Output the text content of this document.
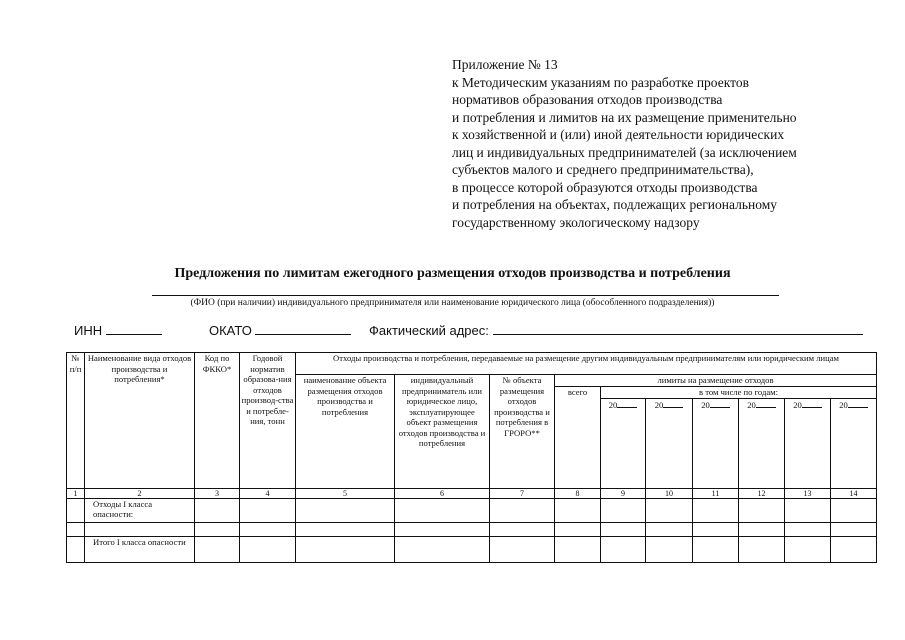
Приложение № 13
к Методическим указаниям по разработке проектов
нормативов образования отходов производства
и потребления и лимитов на их размещение применительно
к хозяйственной и (или) иной деятельности юридических
лиц и индивидуальных предпринимателей (за исключением
субъектов малого и среднего предпринимательства),
в процессе которой образуются отходы производства
и потребления на объектах, подлежащих региональному
государственному экологическому надзору
Предложения по лимитам ежегодного размещения отходов производства и потребления
(ФИО (при наличии) индивидуального предпринимателя или наименование юридического лица (обособленного подразделения))
ИНН	ОКАТО	Фактический адрес:
№ п/п	Наименование вида отходов производства и потребления*	Код по ФККО*	Годовой норматив образова-ния отходов производ-ства и потребле-ния, тонн	Отходы производства и потребления, передаваемые на размещение другим индивидуальным предпринимателям или юридическим лицам									
				наименование объекта размещения отходов производства и потребления	индивидуальный предприниматель или юридическое лицо, эксплуатирующее объект размещения отходов производства и потребления	№ объекта размещения отходов производства и потребления в ГРОРО**	лимиты на размещение отходов						
							всего	в том числе по годам:					
								20	20	20	20	20	20
1	2	3	4	5	6	7	8	9	10	11	12	13	14
	Отходы I класса опасности:												

	Итого I класса опасности												
